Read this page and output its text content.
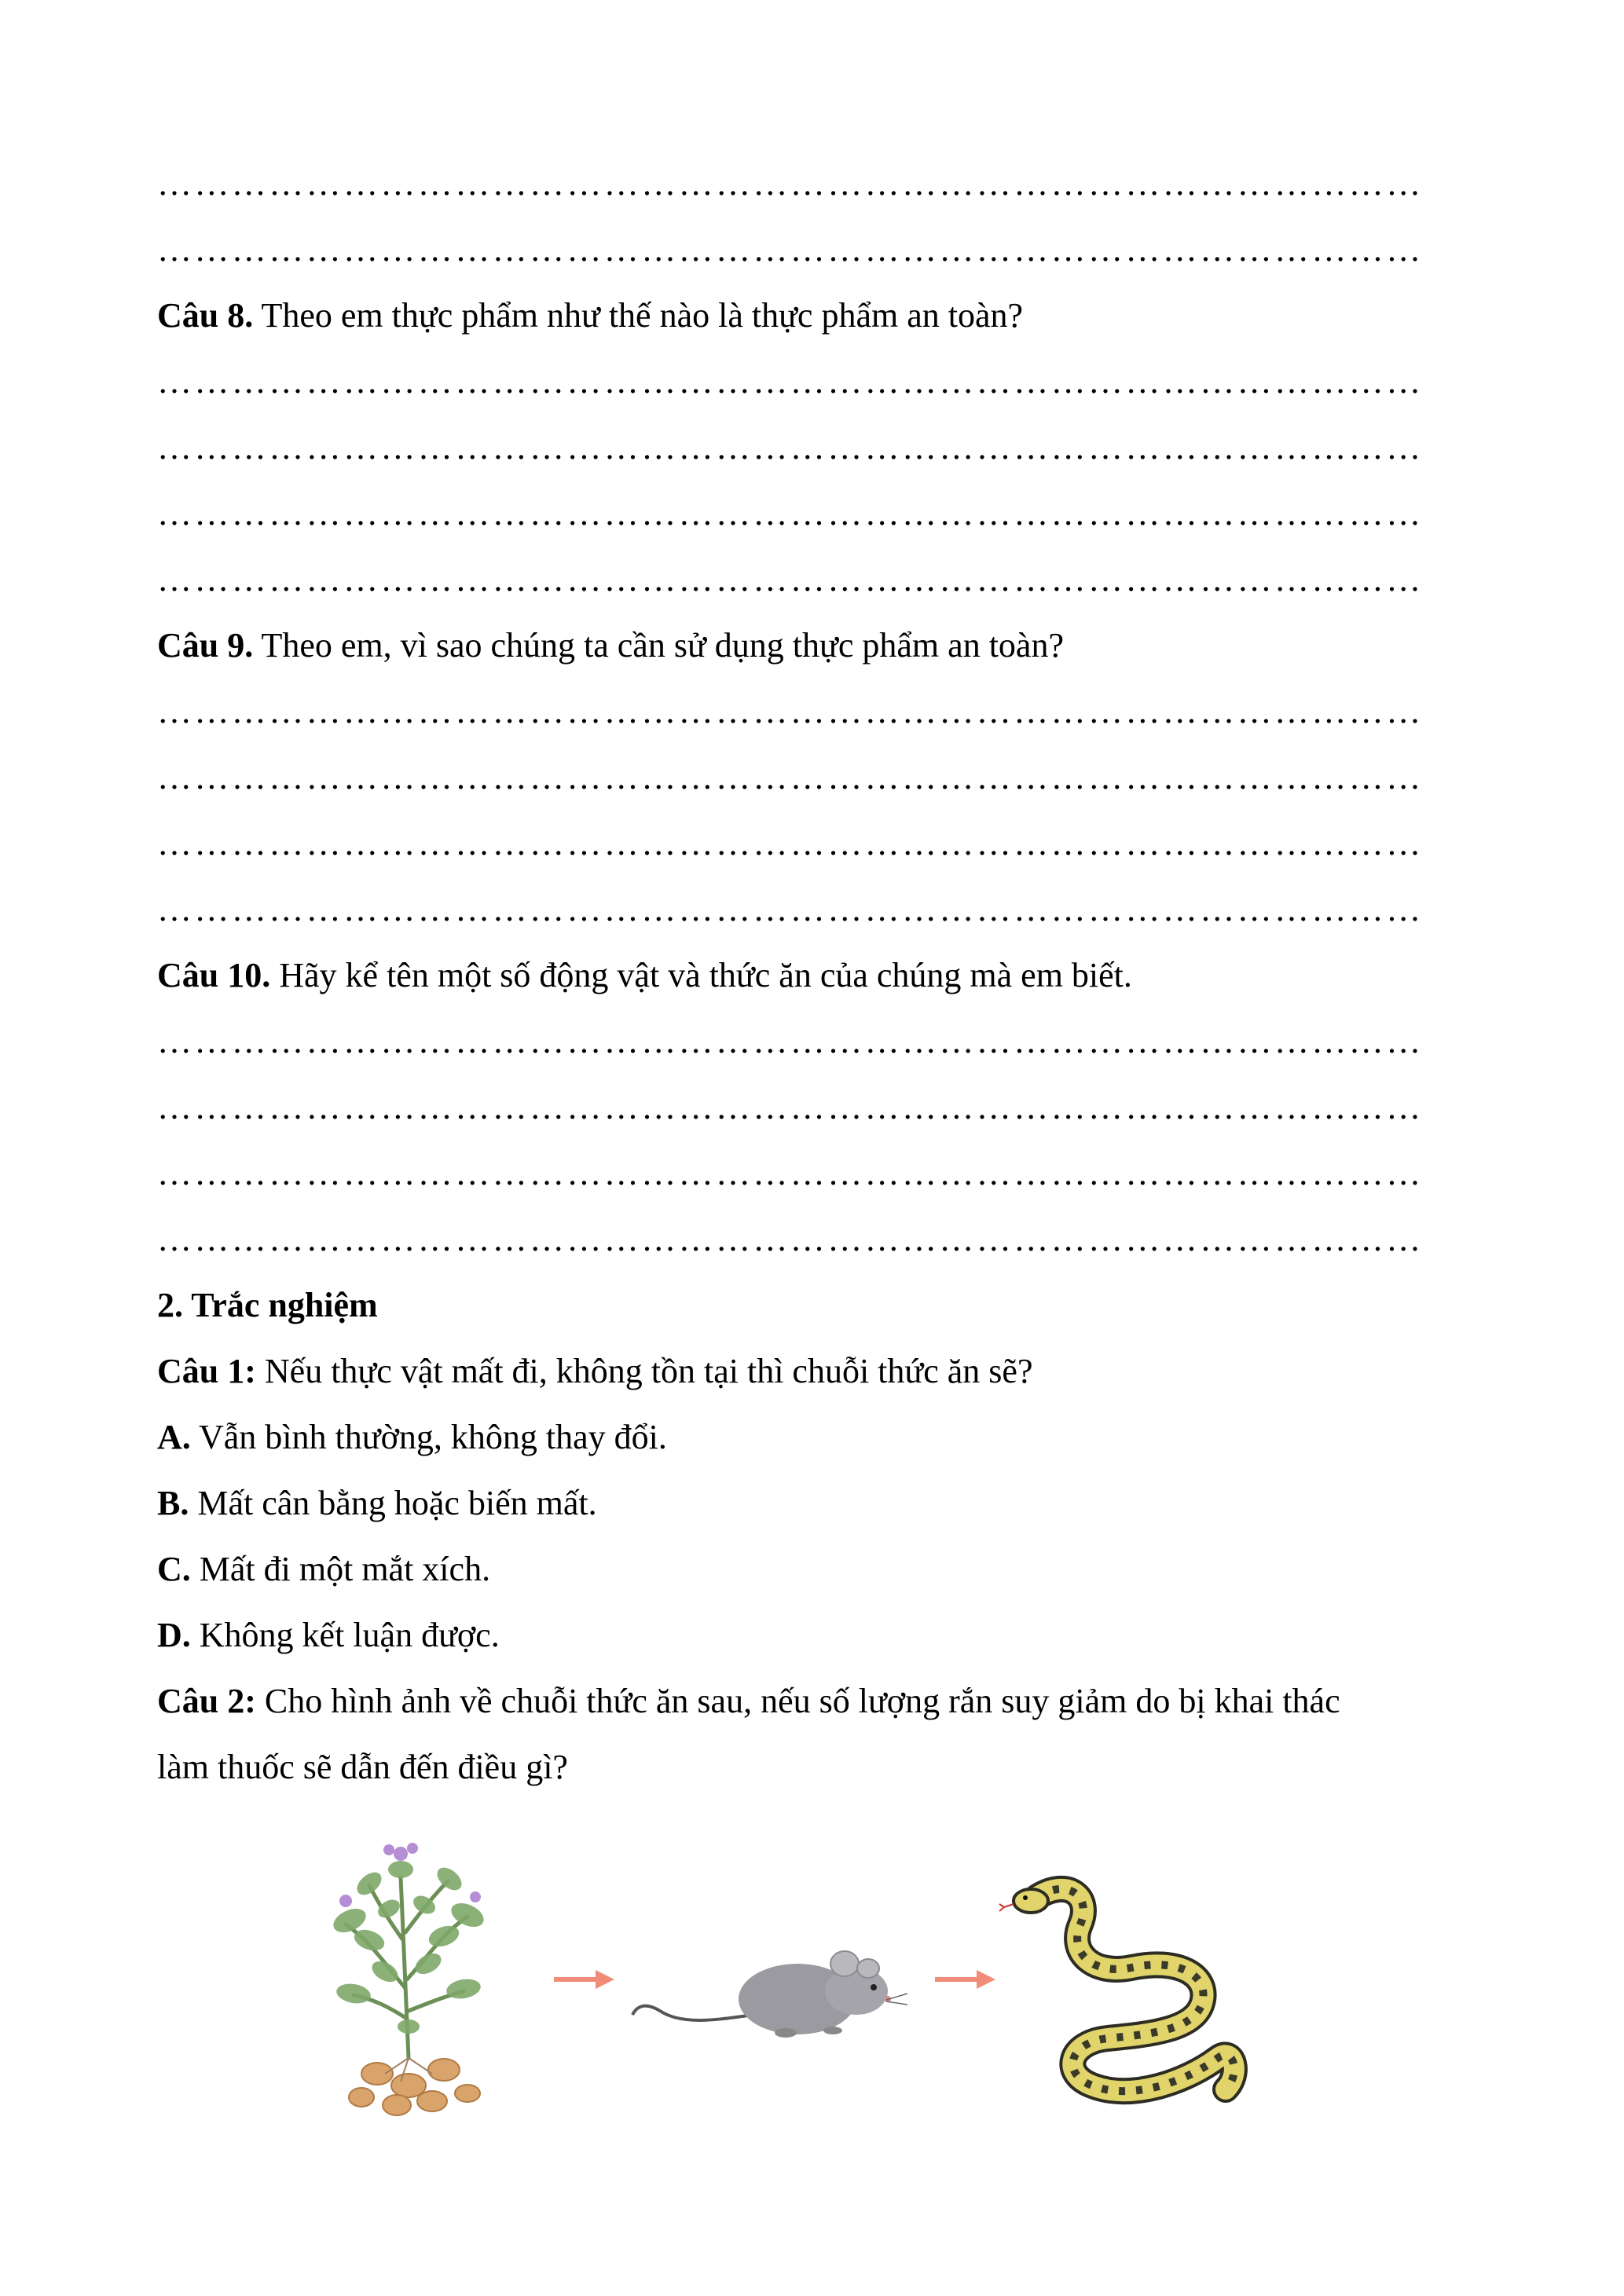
…………………………………………………………………………………………
…………………………………………………………………………………………
Câu 8. Theo em thực phẩm như thế nào là thực phẩm an toàn?
…………………………………………………………………………………………
…………………………………………………………………………………………
…………………………………………………………………………………………
…………………………………………………………………………………………
Câu 9. Theo em, vì sao chúng ta cần sử dụng thực phẩm an toàn?
…………………………………………………………………………………………
…………………………………………………………………………………………
…………………………………………………………………………………………
…………………………………………………………………………………………
Câu 10. Hãy kể tên một số động vật và thức ăn của chúng mà em biết.
…………………………………………………………………………………………
…………………………………………………………………………………………
…………………………………………………………………………………………
…………………………………………………………………………………………
2. Trắc nghiệm
Câu 1: Nếu thực vật mất đi, không tồn tại thì chuỗi thức ăn sẽ?
A. Vẫn bình thường, không thay đổi.
B. Mất cân bằng hoặc biến mất.
C. Mất đi một mắt xích.
D. Không kết luận được.
Câu 2: Cho hình ảnh về chuỗi thức ăn sau, nếu số lượng rắn suy giảm do bị khai thác
làm thuốc sẽ dẫn đến điều gì?
